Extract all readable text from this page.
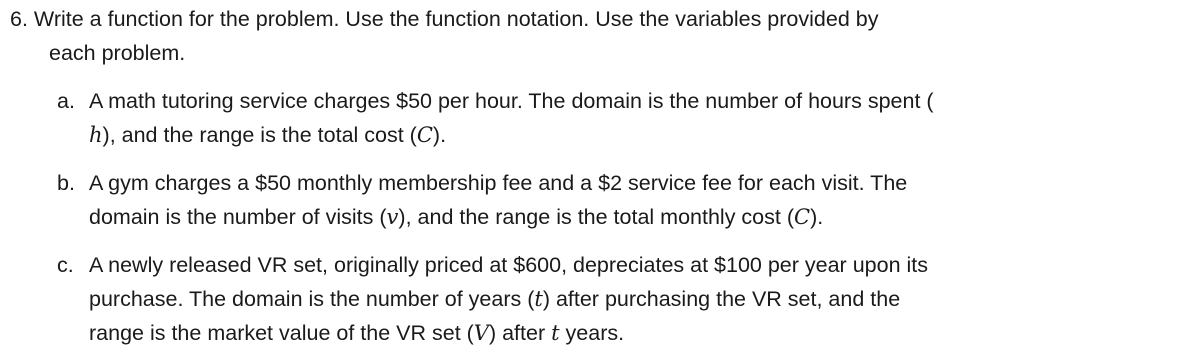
6. Write a function for the problem. Use the function notation. Use the variables provided by
each problem.
a. A math tutoring service charges $50 per hour. The domain is the number of hours spent (
h), and the range is the total cost (C).
b. A gym charges a $50 monthly membership fee and a $2 service fee for each visit. The
domain is the number of visits (v), and the range is the total monthly cost (C).
c. A newly released VR set, originally priced at $600, depreciates at $100 per year upon its
purchase. The domain is the number of years (t) after purchasing the VR set, and the
range is the market value of the VR set (V) after t years.
